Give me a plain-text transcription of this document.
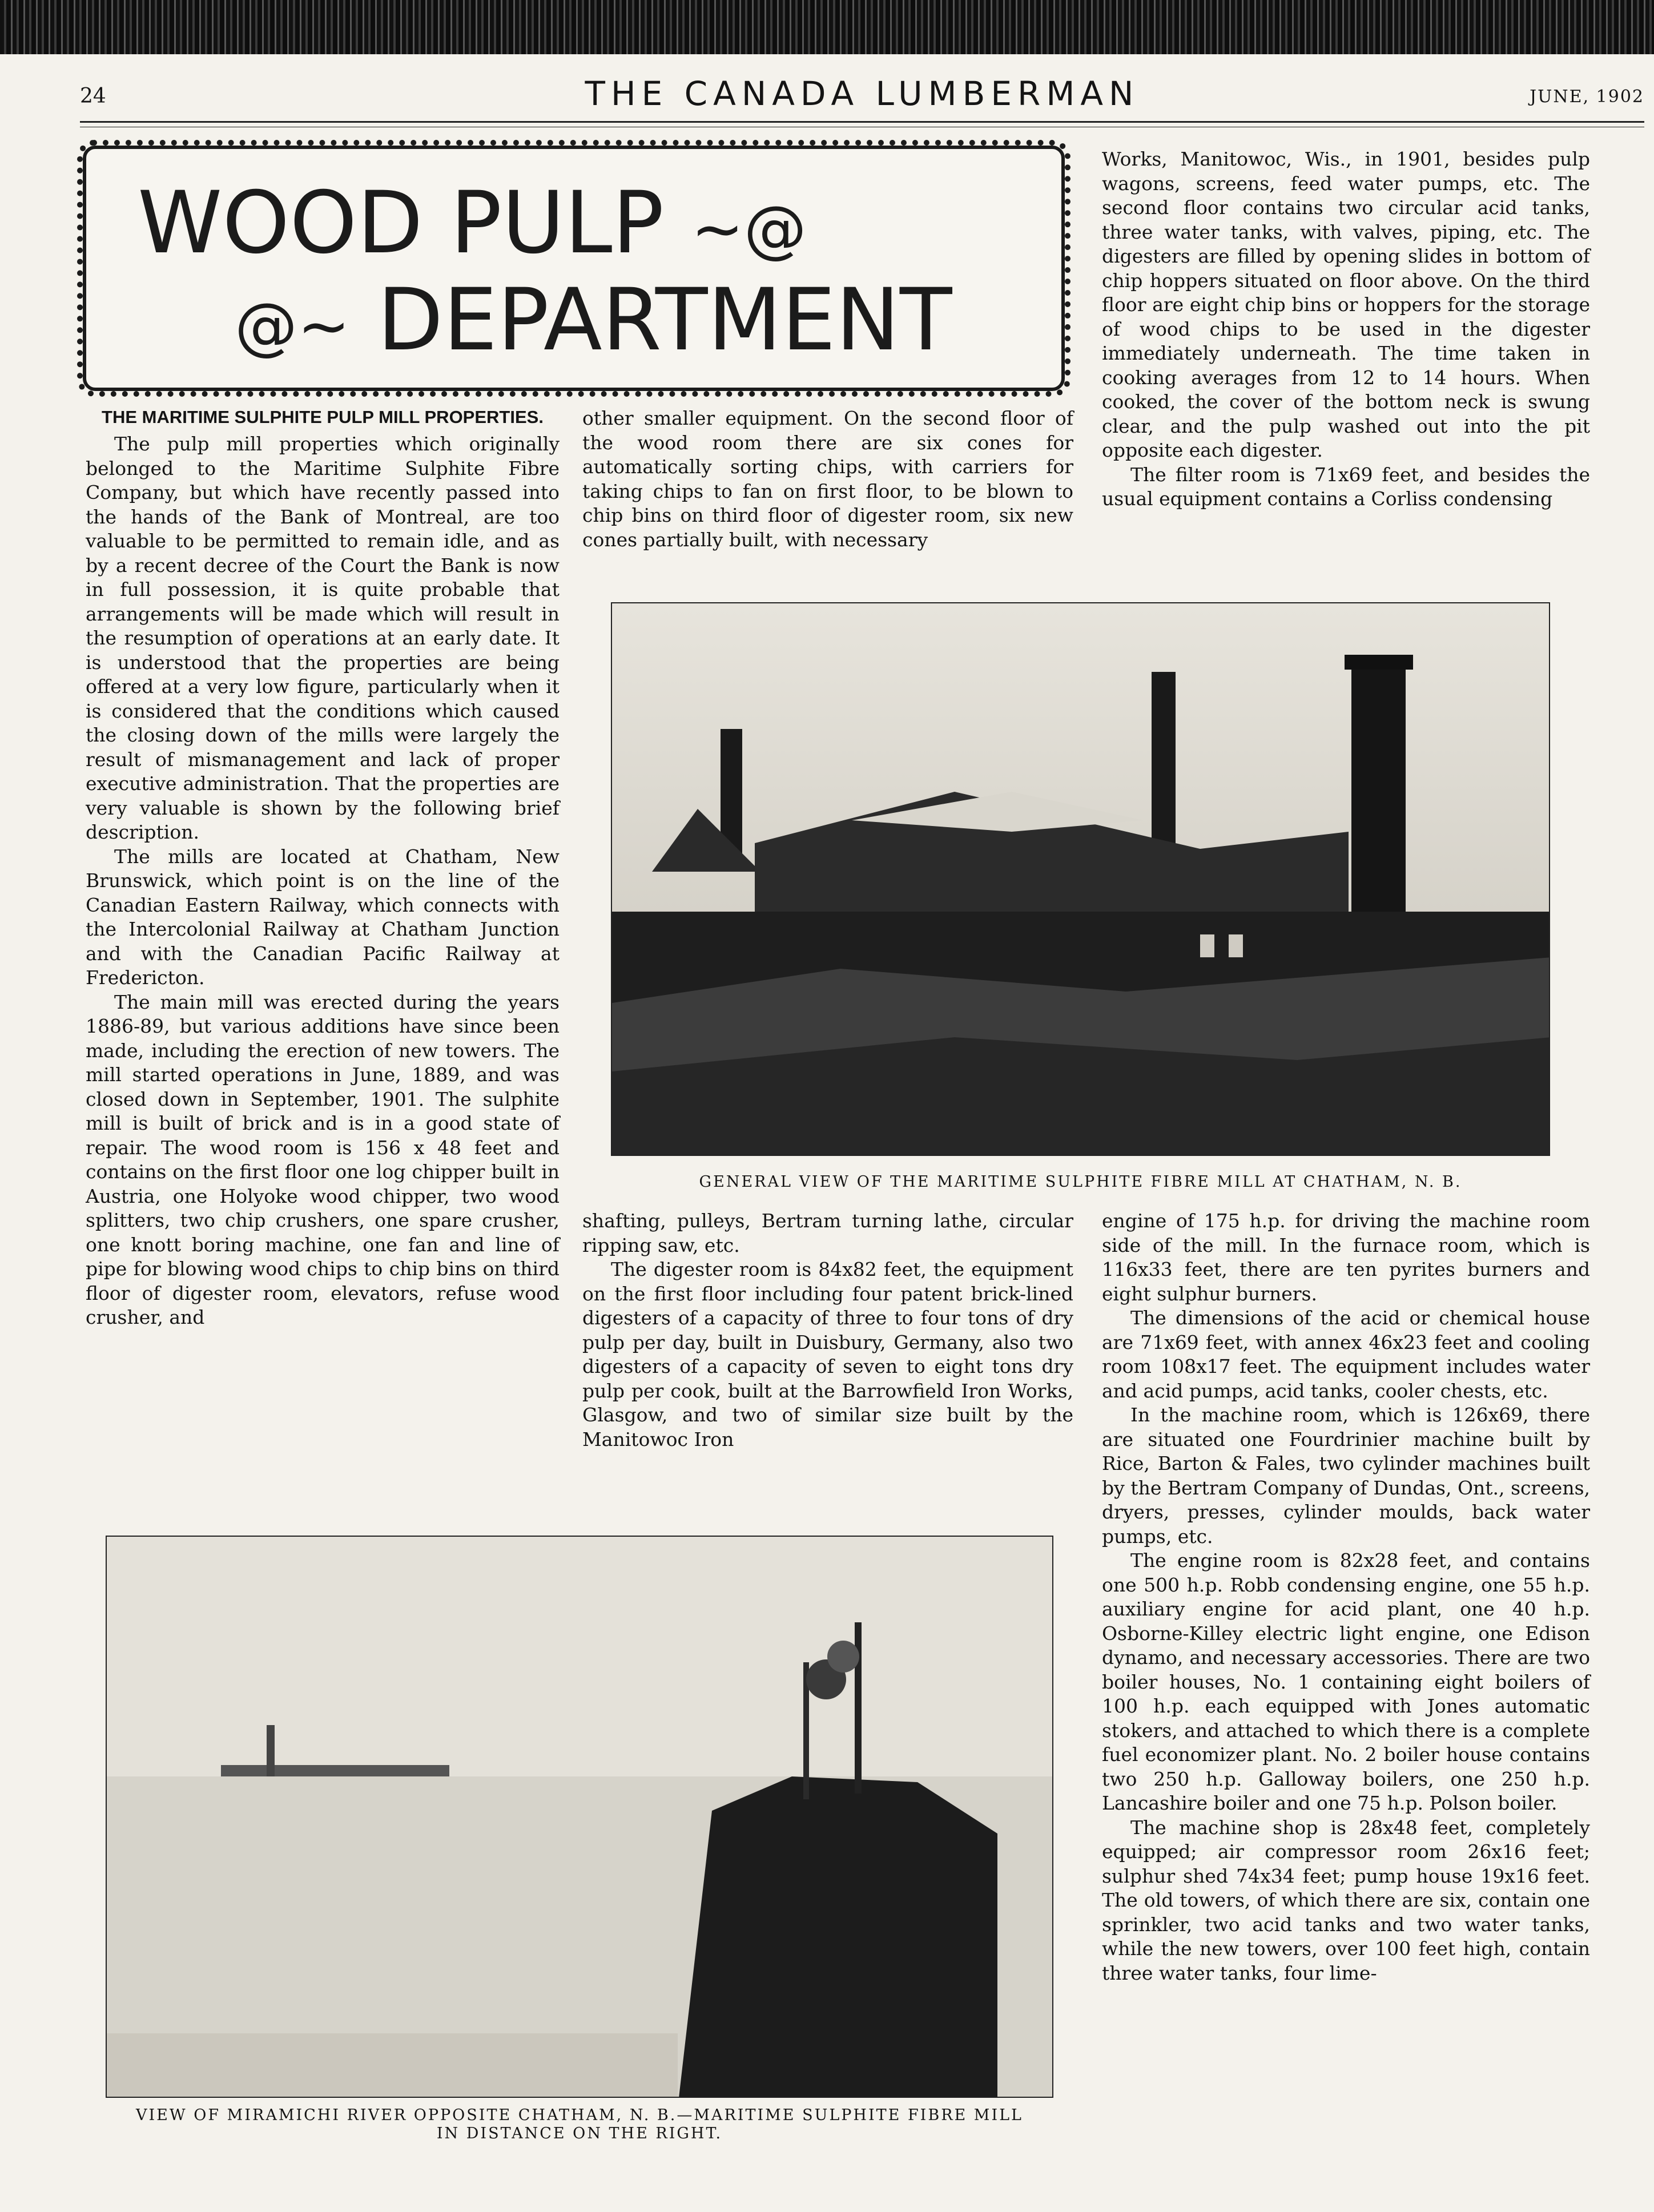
24	THE CANADA LUMBERMAN	JUNE, 1902
WOOD PULP ~@
@~ DEPARTMENT
THE MARITIME SULPHITE PULP MILL PROPERTIES.

The pulp mill properties which originally belonged to the Maritime Sulphite Fibre Company, but which have recently passed into the hands of the Bank of Montreal, are too valuable to be permitted to remain idle, and as by a recent decree of the Court the Bank is now in full possession, it is quite probable that arrangements will be made which will result in the resumption of operations at an early date. It is understood that the properties are being offered at a very low figure, particularly when it is considered that the conditions which caused the closing down of the mills were largely the result of mismanagement and lack of proper executive administration. That the properties are very valuable is shown by the following brief description.

The mills are located at Chatham, New Brunswick, which point is on the line of the Canadian Eastern Railway, which connects with the Intercolonial Railway at Chatham Junction and with the Canadian Pacific Railway at Fredericton.

The main mill was erected during the years 1886-89, but various additions have since been made, including the erection of new towers. The mill started operations in June, 1889, and was closed down in September, 1901. The sulphite mill is built of brick and is in a good state of repair. The wood room is 156 x 48 feet and contains on the first floor one log chipper built in Austria, one Holyoke wood chipper, two wood splitters, two chip crushers, one spare crusher, one knott boring machine, one fan and line of pipe for blowing wood chips to chip bins on third floor of digester room, elevators, refuse wood crusher, and

other smaller equipment. On the second floor of the wood room there are six cones for automatically sorting chips, with carriers for taking chips to fan on first floor, to be blown to chip bins on third floor of digester room, six new cones partially built, with necessary

Works, Manitowoc, Wis., in 1901, besides pulp wagons, screens, feed water pumps, etc. The second floor contains two circular acid tanks, three water tanks, with valves, piping, etc. The digesters are filled by opening slides in bottom of chip hoppers situated on floor above. On the third floor are eight chip bins or hoppers for the storage of wood chips to be used in the digester immediately underneath. The time taken in cooking averages from 12 to 14 hours. When cooked, the cover of the bottom neck is swung clear, and the pulp washed out into the pit opposite each digester.

The filter room is 71x69 feet, and besides the usual equipment contains a Corliss condensing

GENERAL VIEW OF THE MARITIME SULPHITE FIBRE MILL AT CHATHAM, N. B.

shafting, pulleys, Bertram turning lathe, circular ripping saw, etc.

The digester room is 84x82 feet, the equipment on the first floor including four patent brick-lined digesters of a capacity of three to four tons of dry pulp per day, built in Duisbury, Germany, also two digesters of a capacity of seven to eight tons dry pulp per cook, built at the Barrowfield Iron Works, Glasgow, and two of similar size built by the Manitowoc Iron

engine of 175 h.p. for driving the machine room side of the mill. In the furnace room, which is 116x33 feet, there are ten pyrites burners and eight sulphur burners.

The dimensions of the acid or chemical house are 71x69 feet, with annex 46x23 feet and cooling room 108x17 feet. The equipment includes water and acid pumps, acid tanks, cooler chests, etc.

In the machine room, which is 126x69, there are situated one Fourdrinier machine built by Rice, Barton & Fales, two cylinder machines built by the Bertram Company of Dundas, Ont., screens, dryers, presses, cylinder moulds, back water pumps, etc.

The engine room is 82x28 feet, and contains one 500 h.p. Robb condensing engine, one 55 h.p. auxiliary engine for acid plant, one 40 h.p. Osborne-Killey electric light engine, one Edison dynamo, and necessary accessories. There are two boiler houses, No. 1 containing eight boilers of 100 h.p. each equipped with Jones automatic stokers, and attached to which there is a complete fuel economizer plant. No. 2 boiler house contains two 250 h.p. Galloway boilers, one 250 h.p. Lancashire boiler and one 75 h.p. Polson boiler.

The machine shop is 28x48 feet, completely equipped; air compressor room 26x16 feet; sulphur shed 74x34 feet; pump house 19x16 feet. The old towers, of which there are six, contain one sprinkler, two acid tanks and two water tanks, while the new towers, over 100 feet high, contain three water tanks, four lime-

VIEW OF MIRAMICHI RIVER OPPOSITE CHATHAM, N. B.—MARITIME SULPHITE FIBRE MILL
IN DISTANCE ON THE RIGHT.
